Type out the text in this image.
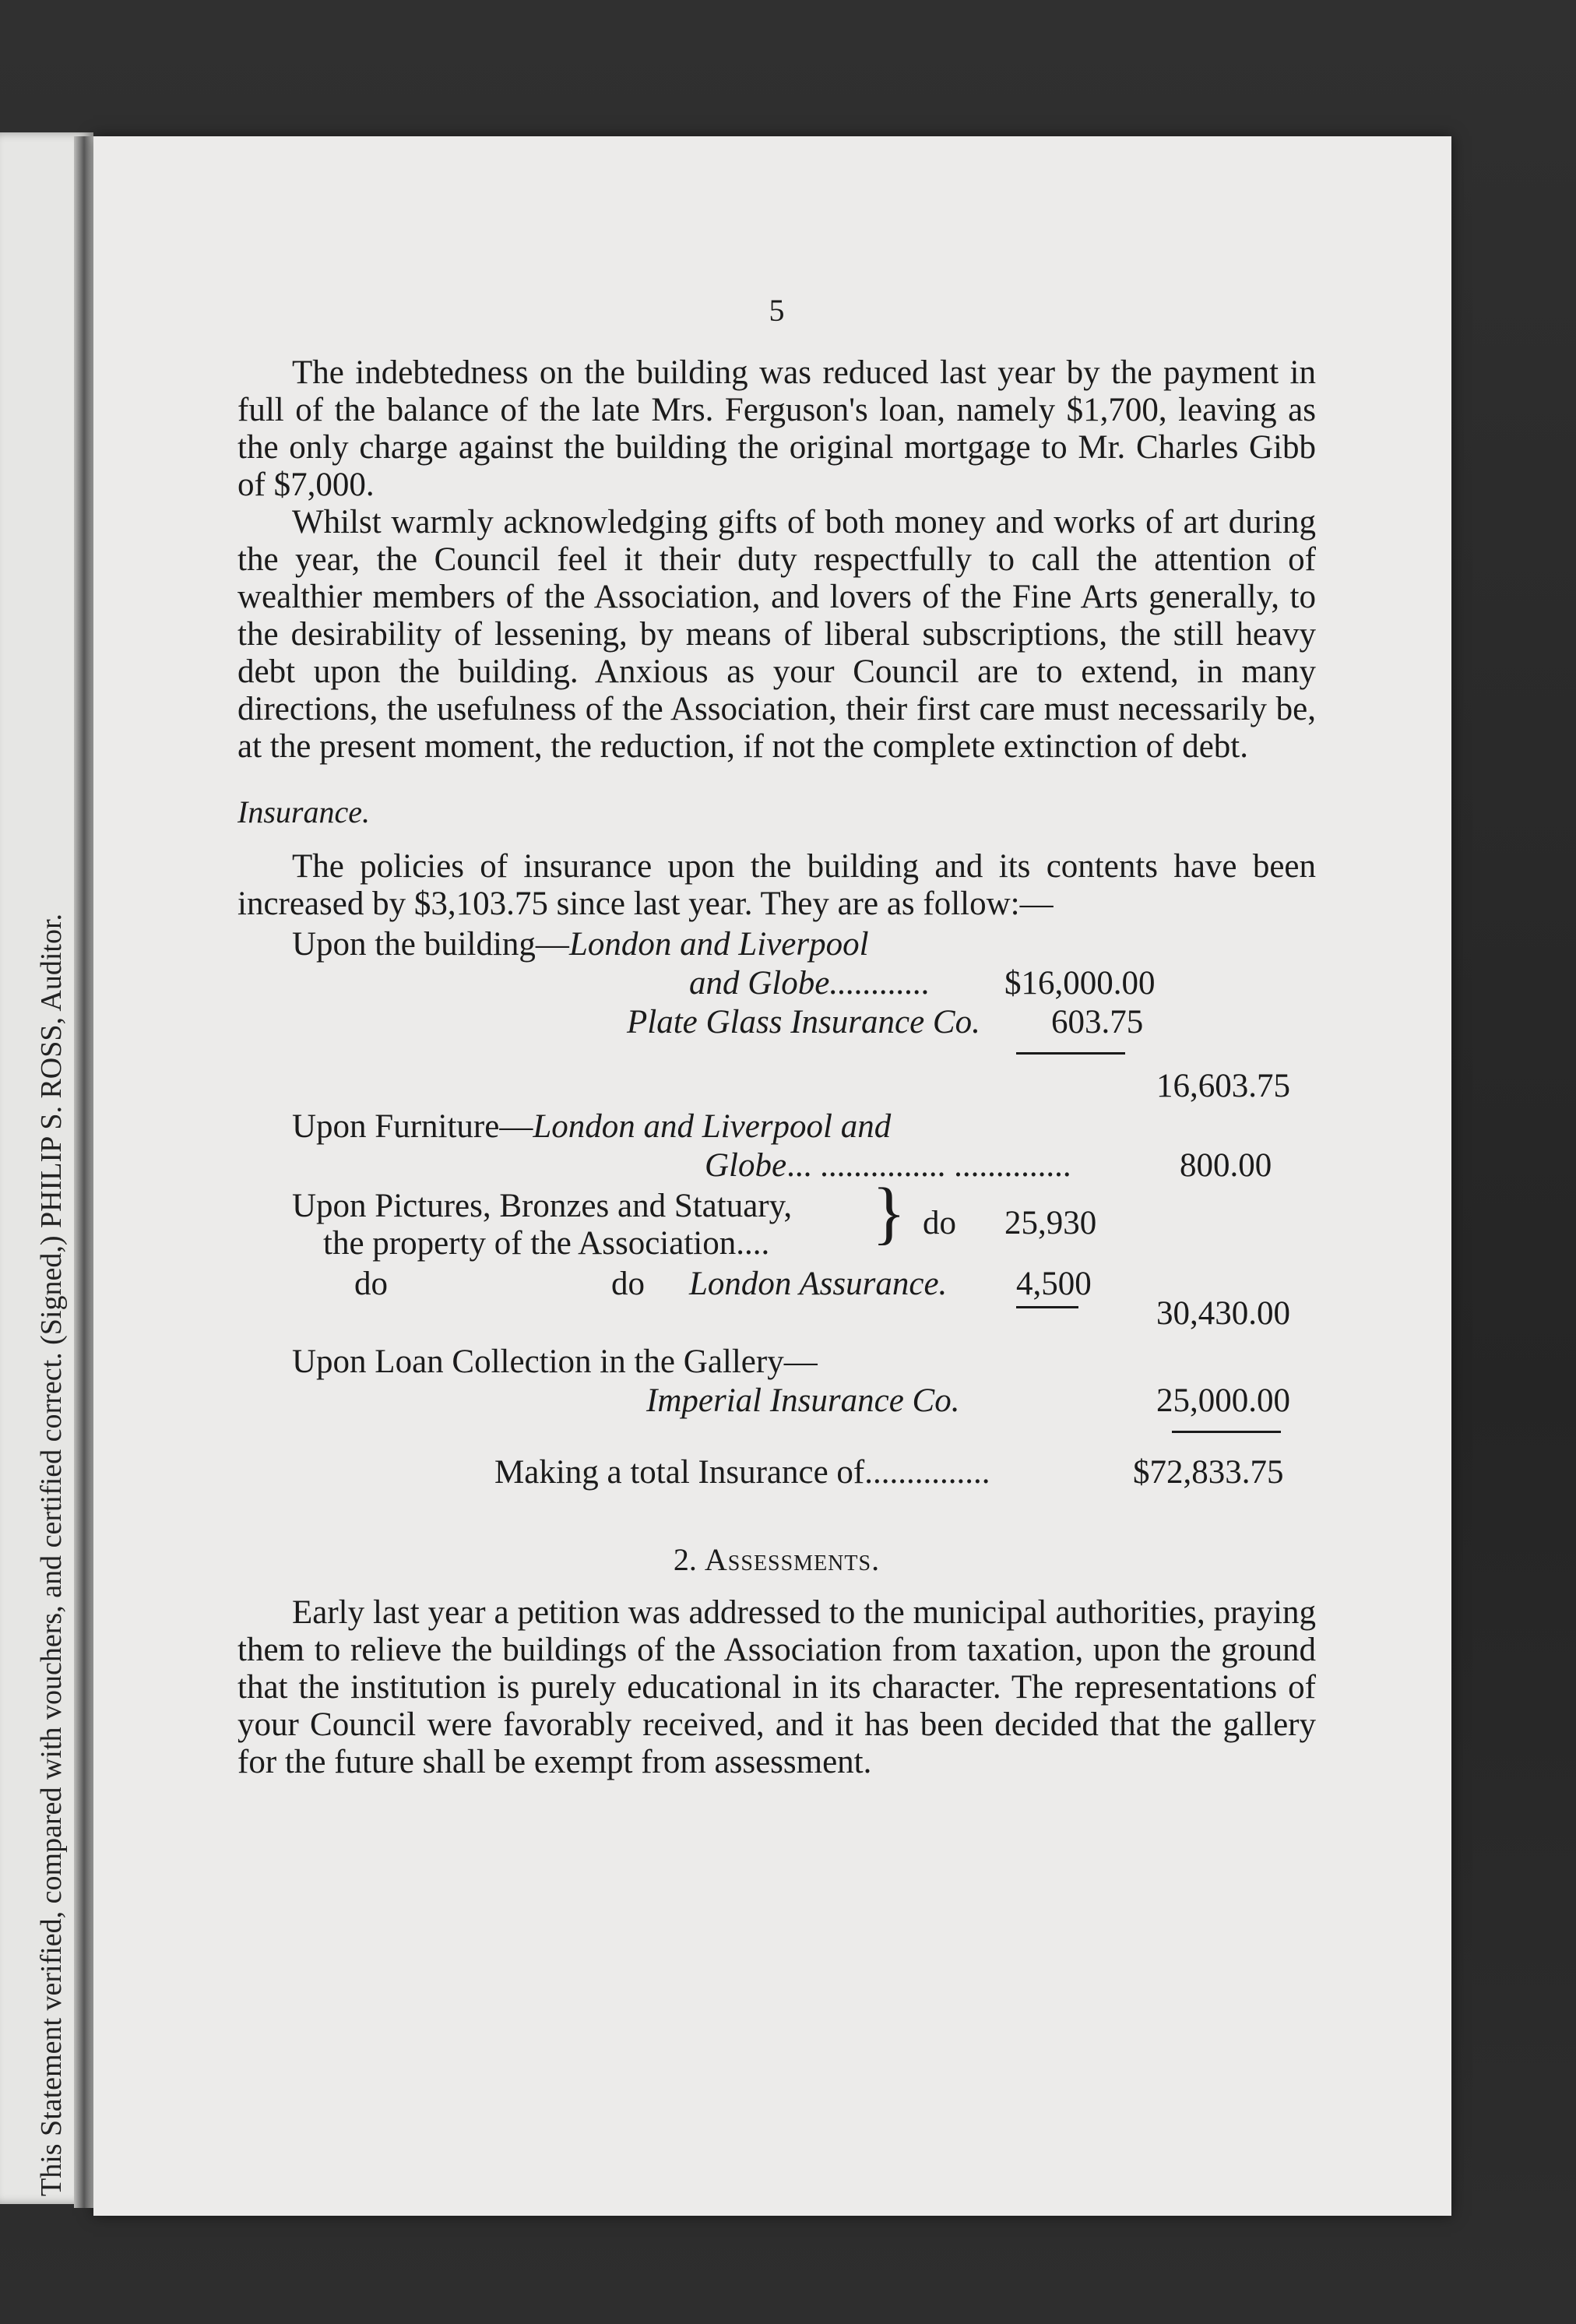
This Statement verified, compared with vouchers, and certified correct. (Signed,) PHILIP S. ROSS, Auditor.
5

The indebtedness on the building was reduced last year by the payment in full of the balance of the late Mrs. Ferguson's loan, namely $1,700, leaving as the only charge against the building the original mortgage to Mr. Charles Gibb of $7,000.

Whilst warmly acknowledging gifts of both money and works of art during the year, the Council feel it their duty respectfully to call the attention of wealthier members of the Association, and lovers of the Fine Arts generally, to the desirability of lessening, by means of liberal subscriptions, the still heavy debt upon the building. Anxious as your Council are to extend, in many directions, the usefulness of the Association, their first care must necessarily be, at the present moment, the reduction, if not the complete extinction of debt.

Insurance.

The policies of insurance upon the building and its contents have been increased by $3,103.75 since last year. They are as follow:—

Upon the building—London and Liverpool
and Globe............ $16,000.00
Plate Glass Insurance Co. 603.75
16,603.75
Upon Furniture—London and Liverpool and
Globe... ............... ..............	800.00
Upon Pictures, Bronzes and Statuary,
the property of the Association.... } do 25,930
do	do London Assurance. 4,500
30,430.00
Upon Loan Collection in the Gallery—
Imperial Insurance Co.	25,000.00
Making a total Insurance of...............	$72,833.75
2. Assessments.

Early last year a petition was addressed to the municipal authorities, praying them to relieve the buildings of the Association from taxation, upon the ground that the institution is purely educational in its character. The representations of your Council were favorably received, and it has been decided that the gallery for the future shall be exempt from assessment.
